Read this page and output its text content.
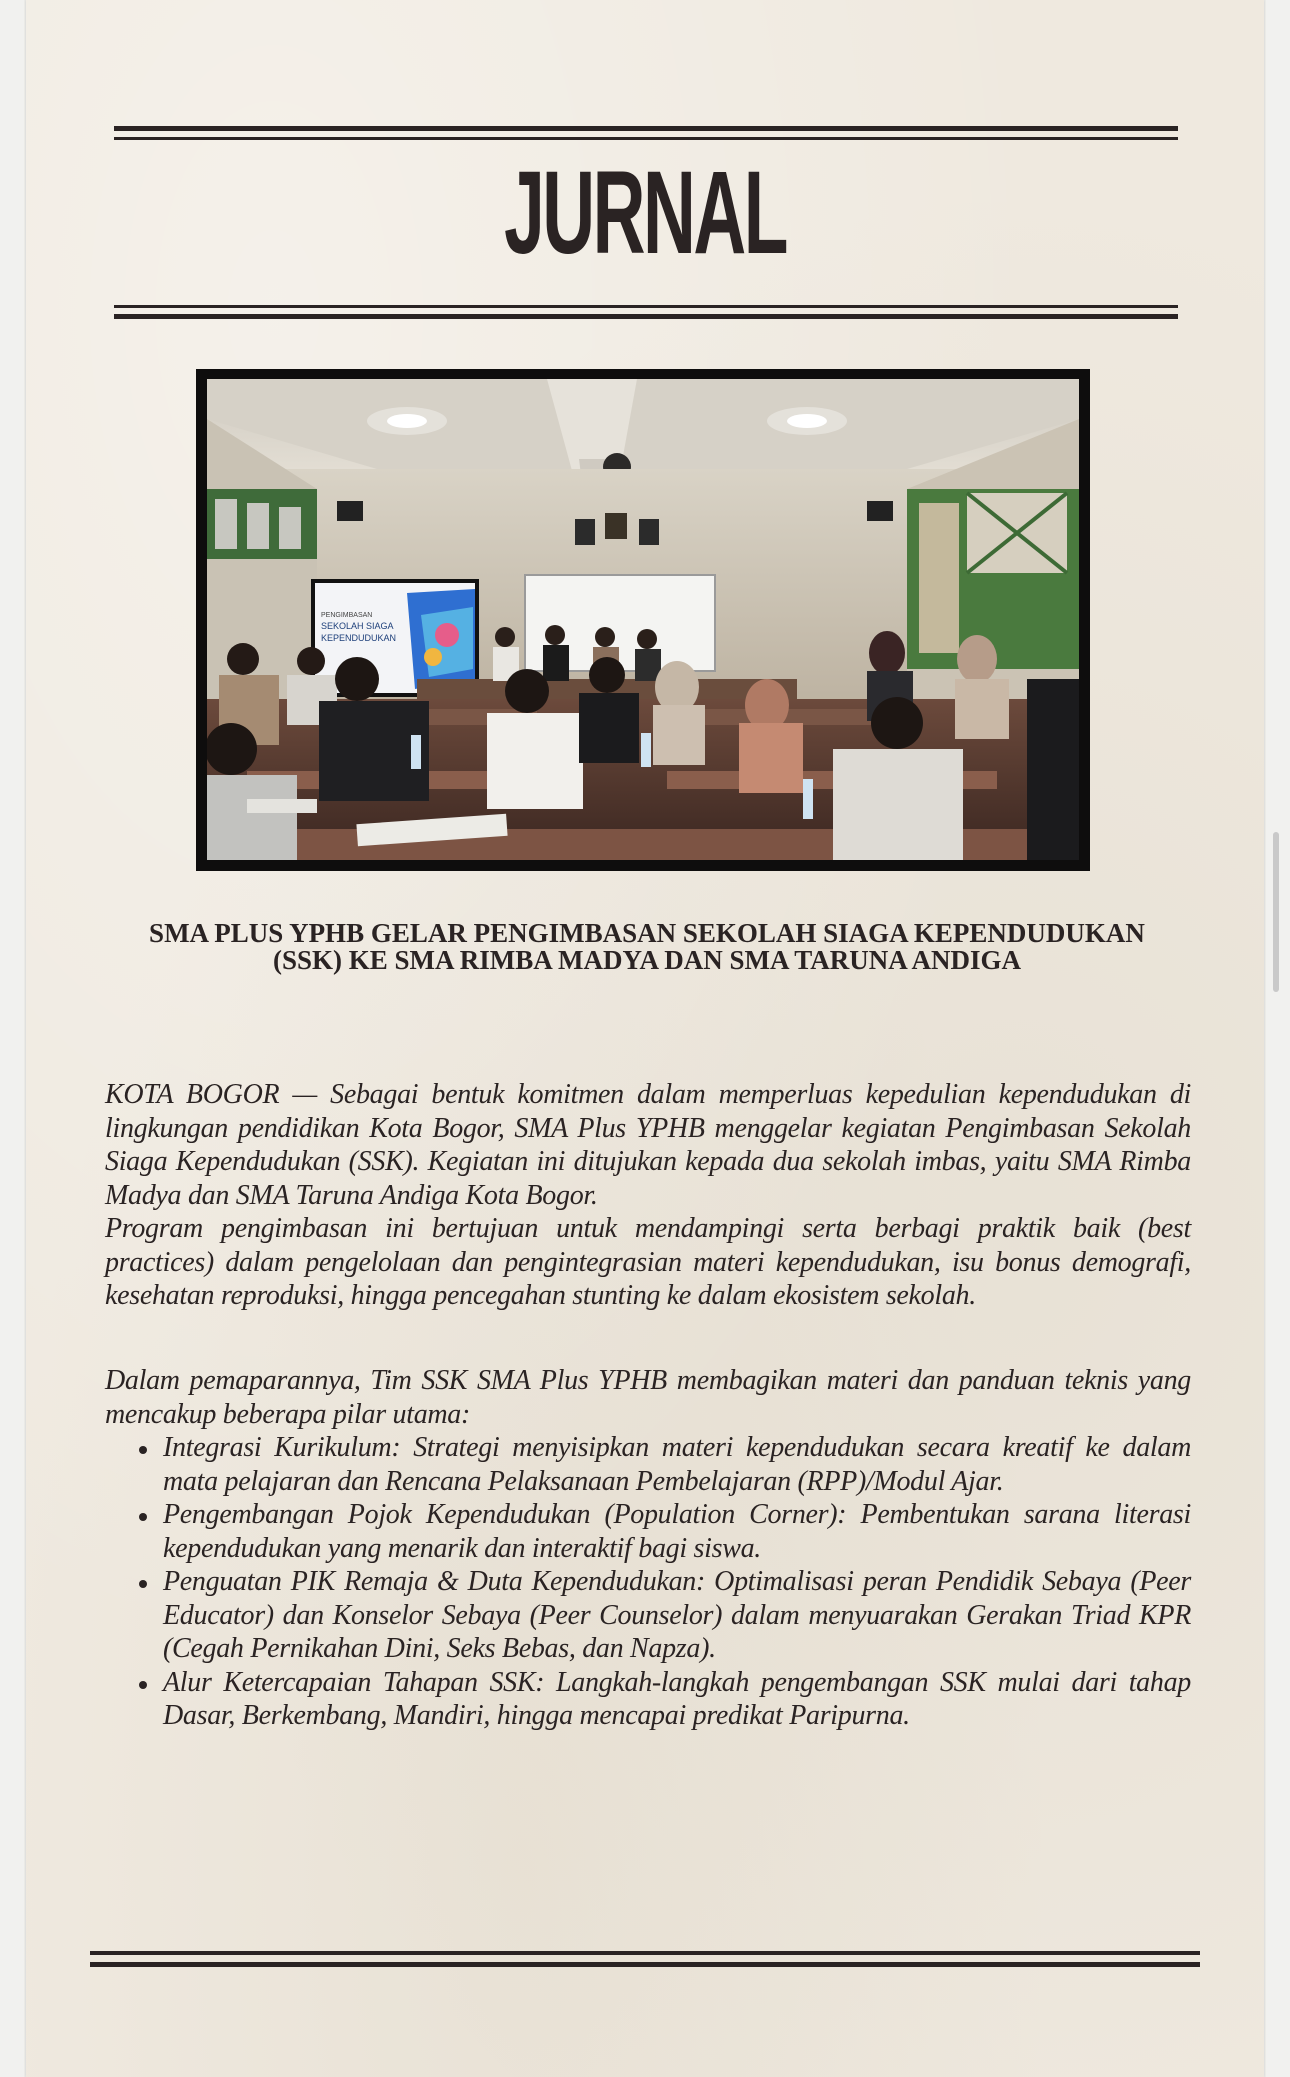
JURNAL
PENGIMBASAN
SEKOLAH SIAGA
KEPENDUDUKAN
SMA PLUS YPHB GELAR PENGIMBASAN SEKOLAH SIAGA KEPENDUDUKAN (SSK) KE SMA RIMBA MADYA DAN SMA TARUNA ANDIGA

KOTA BOGOR — Sebagai bentuk komitmen dalam memperluas kepedulian kependudukan di lingkungan pendidikan Kota Bogor, SMA Plus YPHB menggelar kegiatan Pengimbasan Sekolah Siaga Kependudukan (SSK). Kegiatan ini ditujukan kepada dua sekolah imbas, yaitu SMA Rimba Madya dan SMA Taruna Andiga Kota Bogor.

Program pengimbasan ini bertujuan untuk mendampingi serta berbagi praktik baik (best practices) dalam pengelolaan dan pengintegrasian materi kependudukan, isu bonus demografi, kesehatan reproduksi, hingga pencegahan stunting ke dalam ekosistem sekolah.

Dalam pemaparannya, Tim SSK SMA Plus YPHB membagikan materi dan panduan teknis yang mencakup beberapa pilar utama:

Integrasi Kurikulum: Strategi menyisipkan materi kependudukan secara kreatif ke dalam mata pelajaran dan Rencana Pelaksanaan Pembelajaran (RPP)/Modul Ajar.
Pengembangan Pojok Kependudukan (Population Corner): Pembentukan sarana literasi kependudukan yang menarik dan interaktif bagi siswa.
Penguatan PIK Remaja & Duta Kependudukan: Optimalisasi peran Pendidik Sebaya (Peer Educator) dan Konselor Sebaya (Peer Counselor) dalam menyuarakan Gerakan Triad KPR (Cegah Pernikahan Dini, Seks Bebas, dan Napza).
Alur Ketercapaian Tahapan SSK: Langkah-langkah pengembangan SSK mulai dari tahap Dasar, Berkembang, Mandiri, hingga mencapai predikat Paripurna.
